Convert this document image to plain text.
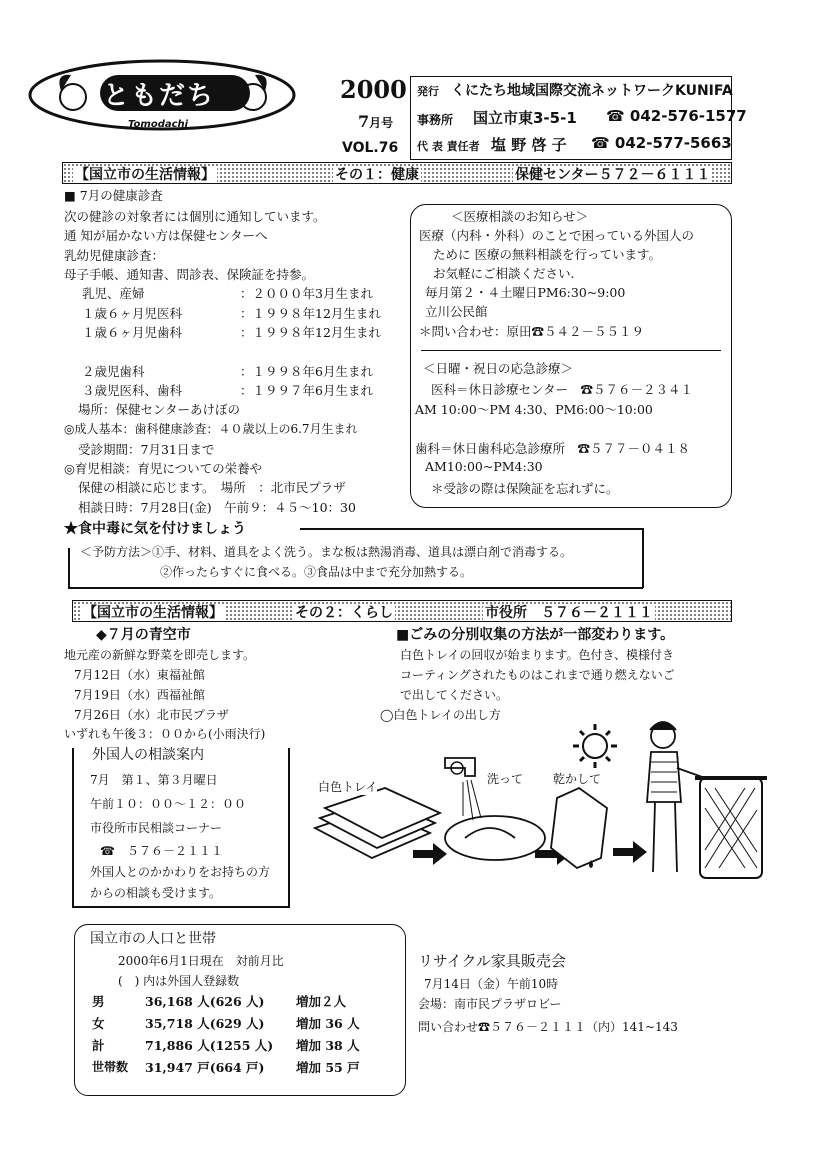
ともだち
Tomodachi
2000
7月号
VOL.76
発行 くにたち地域国際交流ネットワークKUNIFA
事務所 国立市東3-5-1 ☎ 042-576-1577
代 表 責任者 塩 野 啓 子 ☎ 042-577-5663
【国立市の生活情報】	その１：健康	保健センター５７２－６１１１
■ 7月の健康診査
次の健診の対象者には個別に通知しています。
通 知が届かない方は保健センターへ
乳幼児健康診査：
母子手帳、通知書、問診表、保険証を持参。
乳児、産婦	：２０００年3月生まれ
１歳６ヶ月児医科	：１９９８年12月生まれ
１歳６ヶ月児歯科	：１９９８年12月生まれ
２歳児歯科	：１９９８年6月生まれ
３歳児医科、歯科	：１９９７年6月生まれ
場所：保健センターあけぼの
◎成人基本：歯科健康診査：４０歳以上の6.7月生まれ
受診期間：7月31日まで
◎育児相談：育児についての栄養や
保健の相談に応じます。　場所　：北市民プラザ
相談日時：7月28日(金)　午前９：４５～10：30
＜医療相談のお知らせ＞
医療（内科・外科）のことで困っている外国人の
ために 医療の無料相談を行っています。
お気軽にご相談ください.
毎月第２・４土曜日PM6:30~9:00
立川公民館
＊問い合わせ：原田☎５４２－５５１９
＜日曜・祝日の応急診療＞
医科＝休日診療センター　☎５７６－２３４１
AM 10:00～PM 4:30、PM6:00～10:00
歯科＝休日歯科応急診療所　☎５７７－０４１８
AM10:00~PM4:30
＊受診の際は保険証を忘れずに。
★食中毒に気を付けましょう
＜予防方法＞①手、材料、道具をよく洗う。まな板は熱湯消毒、道具は漂白剤で消毒する。
②作ったらすぐに食べる。③食品は中まで充分加熱する。
【国立市の生活情報】	その２：くらし	市役所　５７６－２１１１
◆７月の青空市
地元産の新鮮な野菜を即売します。
7月12日（水）東福祉館
7月19日（水）西福祉館
7月26日（水）北市民プラザ
いずれも午後３：００から(小雨決行)
外国人の相談案内
7月　第１、第３月曜日
午前１０：００～１２：００
市役所市民相談コーナー
☎　５７６－２１１１
外国人とのかかわりをお持ちの方
からの相談も受けます。
■ごみの分別収集の方法が一部変わります。
白色トレイの回収が始まります。色付き、模様付き
コーティングされたものはこれまで通り燃えないご
で出してください。
◯白色トレイの出し方
白色トレイ
洗って 乾かして
国立市の人口と世帯
2000年6月1日現在　対前月比
(　) 内は外国人登録数
男	36,168 人(626 人)	増加２人
女	35,718 人(629 人)	増加 36 人
計	71,886 人(1255 人) 増加 38 人
世帯数 31,947 戸(664 戸)	増加 55 戸
リサイクル家具販売会
7月14日（金）午前10時
会場：南市民プラザロビー
問い合わせ☎５７６－２１１１（内）141~143
